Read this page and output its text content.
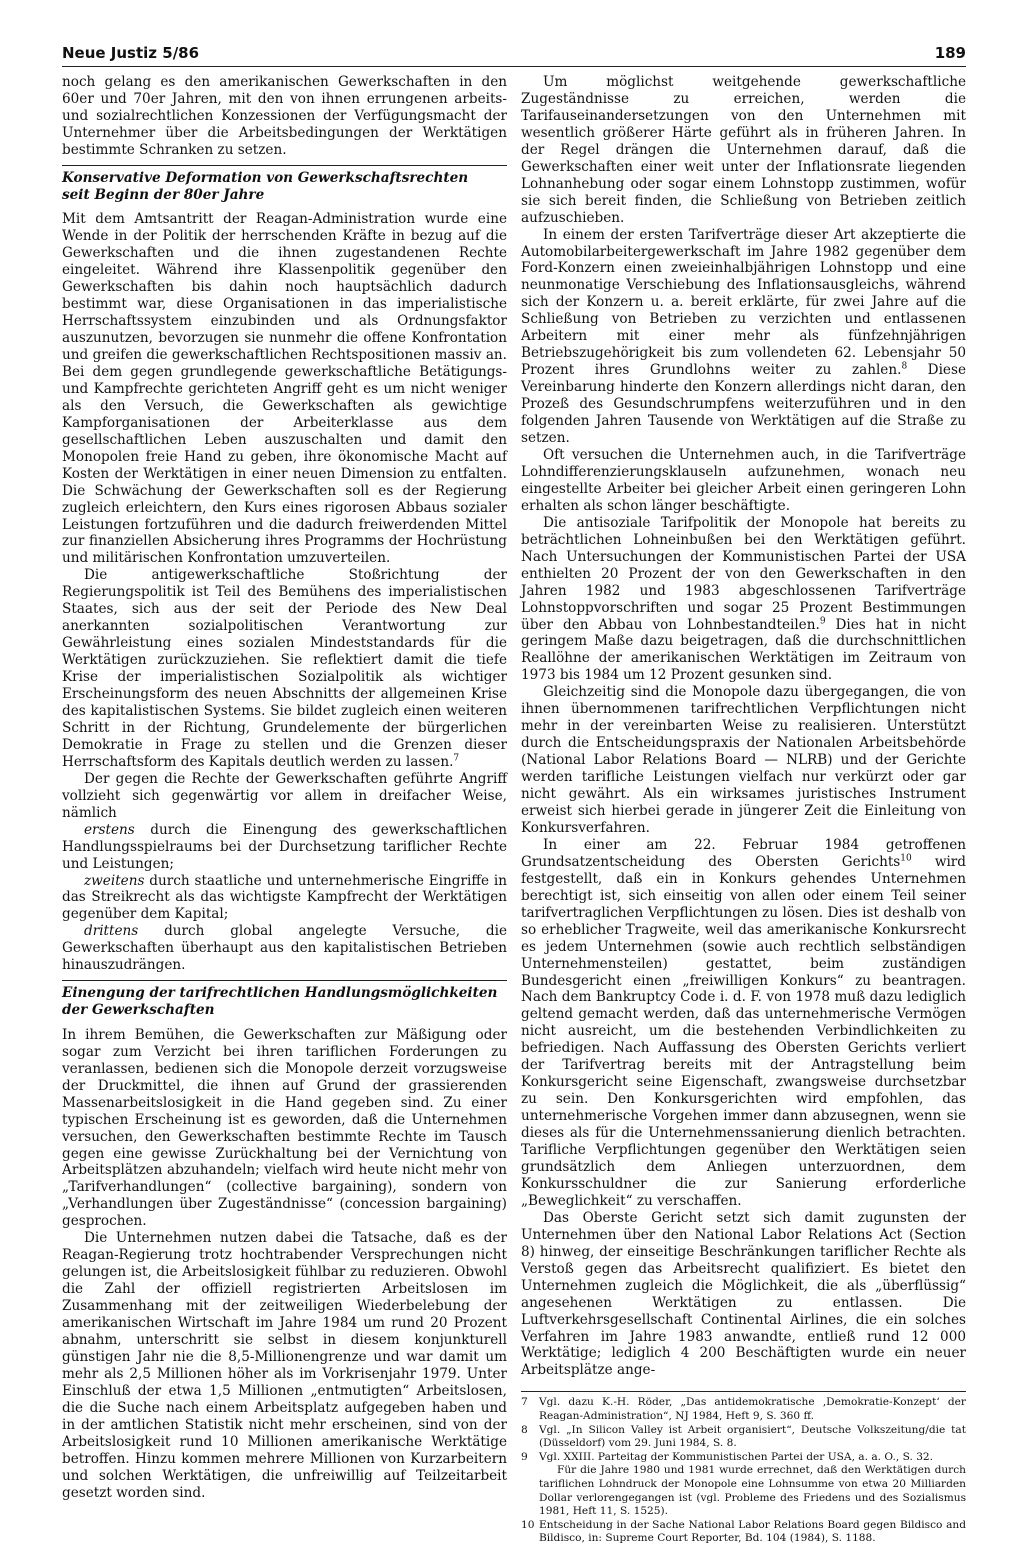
Neue Justiz 5/86	189

noch gelang es den amerikanischen Gewerkschaften in den 60er und 70er Jahren, mit den von ihnen errungenen arbeits- und sozialrechtlichen Konzessionen der Verfügungsmacht der Unternehmer über die Arbeitsbedingungen der Werktätigen bestimmte Schranken zu setzen.

Konservative Deformation von Gewerkschaftsrechten
seit Beginn der 80er Jahre

Mit dem Amtsantritt der Reagan-Administration wurde eine Wende in der Politik der herrschenden Kräfte in bezug auf die Gewerkschaften und die ihnen zugestandenen Rechte eingeleitet. Während ihre Klassenpolitik gegenüber den Gewerkschaften bis dahin noch hauptsächlich dadurch bestimmt war, diese Organisationen in das imperialistische Herrschaftssystem einzubinden und als Ordnungsfaktor auszunutzen, bevorzugen sie nunmehr die offene Konfrontation und greifen die gewerkschaftlichen Rechtspositionen massiv an. Bei dem gegen grundlegende gewerkschaftliche Betätigungs- und Kampfrechte gerichteten Angriff geht es um nicht weniger als den Versuch, die Gewerkschaften als gewichtige Kampforganisationen der Arbeiterklasse aus dem gesellschaftlichen Leben auszuschalten und damit den Monopolen freie Hand zu geben, ihre ökonomische Macht auf Kosten der Werktätigen in einer neuen Dimension zu entfalten. Die Schwächung der Gewerkschaften soll es der Regierung zugleich erleichtern, den Kurs eines rigorosen Abbaus sozialer Leistungen fortzuführen und die dadurch freiwerdenden Mittel zur finanziellen Absicherung ihres Programms der Hochrüstung und militärischen Konfrontation umzuverteilen.

Die antigewerkschaftliche Stoßrichtung der Regierungspolitik ist Teil des Bemühens des imperialistischen Staates, sich aus der seit der Periode des New Deal anerkannten sozialpolitischen Verantwortung zur Gewährleistung eines sozialen Mindeststandards für die Werktätigen zurückzuziehen. Sie reflektiert damit die tiefe Krise der imperialistischen Sozialpolitik als wichtiger Erscheinungsform des neuen Abschnitts der allgemeinen Krise des kapitalistischen Systems. Sie bildet zugleich einen weiteren Schritt in der Richtung, Grundelemente der bürgerlichen Demokratie in Frage zu stellen und die Grenzen dieser Herrschaftsform des Kapitals deutlich werden zu lassen.$^7$

Der gegen die Rechte der Gewerkschaften geführte Angriff vollzieht sich gegenwärtig vor allem in dreifacher Weise, nämlich

erstens durch die Einengung des gewerkschaftlichen Handlungsspielraums bei der Durchsetzung tariflicher Rechte und Leistungen;

zweitens durch staatliche und unternehmerische Eingriffe in das Streikrecht als das wichtigste Kampfrecht der Werktätigen gegenüber dem Kapital;

drittens durch global angelegte Versuche, die Gewerkschaften überhaupt aus den kapitalistischen Betrieben hinauszudrängen.

Einengung der tarifrechtlichen Handlungsmöglichkeiten
der Gewerkschaften

In ihrem Bemühen, die Gewerkschaften zur Mäßigung oder sogar zum Verzicht bei ihren tariflichen Forderungen zu veranlassen, bedienen sich die Monopole derzeit vorzugsweise der Druckmittel, die ihnen auf Grund der grassierenden Massenarbeitslosigkeit in die Hand gegeben sind. Zu einer typischen Erscheinung ist es geworden, daß die Unternehmen versuchen, den Gewerkschaften bestimmte Rechte im Tausch gegen eine gewisse Zurückhaltung bei der Vernichtung von Arbeitsplätzen abzuhandeln; vielfach wird heute nicht mehr von „Tarifverhandlungen“ (collective bargaining), sondern von „Verhandlungen über Zugeständnisse“ (concession bargaining) gesprochen.

Die Unternehmen nutzen dabei die Tatsache, daß es der Reagan-Regierung trotz hochtrabender Versprechungen nicht gelungen ist, die Arbeitslosigkeit fühlbar zu reduzieren. Obwohl die Zahl der offiziell registrierten Arbeitslosen im Zusammenhang mit der zeitweiligen Wiederbelebung der amerikanischen Wirtschaft im Jahre 1984 um rund 20 Prozent abnahm, unterschritt sie selbst in diesem konjunkturell günstigen Jahr nie die 8,5-Millionengrenze und war damit um mehr als 2,5 Millionen höher als im Vorkrisenjahr 1979. Unter Einschluß der etwa 1,5 Millionen „entmutigten“ Arbeitslosen, die die Suche nach einem Arbeitsplatz aufgegeben haben und in der amtlichen Statistik nicht mehr erscheinen, sind von der Arbeitslosigkeit rund 10 Millionen amerikanische Werktätige betroffen. Hinzu kommen mehrere Millionen von Kurzarbeitern und solchen Werktätigen, die unfreiwillig auf Teilzeitarbeit gesetzt worden sind.

Um möglichst weitgehende gewerkschaftliche Zugeständnisse zu erreichen, werden die Tarifauseinandersetzungen von den Unternehmen mit wesentlich größerer Härte geführt als in früheren Jahren. In der Regel drängen die Unternehmen darauf, daß die Gewerkschaften einer weit unter der Inflationsrate liegenden Lohnanhebung oder sogar einem Lohnstopp zustimmen, wofür sie sich bereit finden, die Schließung von Betrieben zeitlich aufzuschieben.

In einem der ersten Tarifverträge dieser Art akzeptierte die Automobilarbeitergewerkschaft im Jahre 1982 gegenüber dem Ford-Konzern einen zweieinhalbjährigen Lohnstopp und eine neunmonatige Verschiebung des Inflationsausgleichs, während sich der Konzern u. a. bereit erklärte, für zwei Jahre auf die Schließung von Betrieben zu verzichten und entlassenen Arbeitern mit einer mehr als fünfzehnjährigen Betriebszugehörigkeit bis zum vollendeten 62. Lebensjahr 50 Prozent ihres Grundlohns weiter zu zahlen.$^8$ Diese Vereinbarung hinderte den Konzern allerdings nicht daran, den Prozeß des Gesundschrumpfens weiterzuführen und in den folgenden Jahren Tausende von Werktätigen auf die Straße zu setzen.

Oft versuchen die Unternehmen auch, in die Tarifverträge Lohndifferenzierungsklauseln aufzunehmen, wonach neu eingestellte Arbeiter bei gleicher Arbeit einen geringeren Lohn erhalten als schon länger beschäftigte.

Die antisoziale Tarifpolitik der Monopole hat bereits zu beträchtlichen Lohneinbußen bei den Werktätigen geführt. Nach Untersuchungen der Kommunistischen Partei der USA enthielten 20 Prozent der von den Gewerkschaften in den Jahren 1982 und 1983 abgeschlossenen Tarifverträge Lohnstoppvorschriften und sogar 25 Prozent Bestimmungen über den Abbau von Lohnbestandteilen.$^9$ Dies hat in nicht geringem Maße dazu beigetragen, daß die durchschnittlichen Reallöhne der amerikanischen Werktätigen im Zeitraum von 1973 bis 1984 um 12 Prozent gesunken sind.

Gleichzeitig sind die Monopole dazu übergegangen, die von ihnen übernommenen tarifrechtlichen Verpflichtungen nicht mehr in der vereinbarten Weise zu realisieren. Unterstützt durch die Entscheidungspraxis der Nationalen Arbeitsbehörde (National Labor Relations Board — NLRB) und der Gerichte werden tarifliche Leistungen vielfach nur verkürzt oder gar nicht gewährt. Als ein wirksames juristisches Instrument erweist sich hierbei gerade in jüngerer Zeit die Einleitung von Konkursverfahren.

In einer am 22. Februar 1984 getroffenen Grundsatzentscheidung des Obersten Gerichts$^{10}$ wird festgestellt, daß ein in Konkurs gehendes Unternehmen berechtigt ist, sich einseitig von allen oder einem Teil seiner tarifvertraglichen Verpflichtungen zu lösen. Dies ist deshalb von so erheblicher Tragweite, weil das amerikanische Konkursrecht es jedem Unternehmen (sowie auch rechtlich selbständigen Unternehmensteilen) gestattet, beim zuständigen Bundesgericht einen „freiwilligen Konkurs“ zu beantragen. Nach dem Bankruptcy Code i. d. F. von 1978 muß dazu lediglich geltend gemacht werden, daß das unternehmerische Vermögen nicht ausreicht, um die bestehenden Verbindlichkeiten zu befriedigen. Nach Auffassung des Obersten Gerichts verliert der Tarifvertrag bereits mit der Antragstellung beim Konkursgericht seine Eigenschaft, zwangsweise durchsetzbar zu sein. Den Konkursgerichten wird empfohlen, das unternehmerische Vorgehen immer dann abzusegnen, wenn sie dieses als für die Unternehmenssanierung dienlich betrachten. Tarifliche Verpflichtungen gegenüber den Werktätigen seien grundsätzlich dem Anliegen unterzuordnen, dem Konkursschuldner die zur Sanierung erforderliche „Beweglichkeit“ zu verschaffen.

Das Oberste Gericht setzt sich damit zugunsten der Unternehmen über den National Labor Relations Act (Section 8) hinweg, der einseitige Beschränkungen tariflicher Rechte als Verstoß gegen das Arbeitsrecht qualifiziert. Es bietet den Unternehmen zugleich die Möglichkeit, die als „überflüssig“ angesehenen Werktätigen zu entlassen. Die Luftverkehrsgesellschaft Continental Airlines, die ein solches Verfahren im Jahre 1983 anwandte, entließ rund 12 000 Werktätige; lediglich 4 200 Beschäftigten wurde ein neuer Arbeitsplätze ange-

7	Vgl. dazu K.-H. Röder, „Das antidemokratische ‚Demokratie-Konzept‘ der Reagan-Administration“, NJ 1984, Heft 9, S. 360 ff.
8	Vgl. „In Silicon Valley ist Arbeit organisiert“, Deutsche Volkszeitung/die tat (Düsseldorf) vom 29. Juni 1984, S. 8.
9	Vgl. XXIII. Parteitag der Kommunistischen Partei der USA, a. a. O., S. 32.
Für die Jahre 1980 und 1981 wurde errechnet, daß den Werktätigen durch tariflichen Lohndruck der Monopole eine Lohnsumme von etwa 20 Milliarden Dollar verlorengegangen ist (vgl. Probleme des Friedens und des Sozialismus 1981, Heft 11, S. 1525).
10 Entscheidung in der Sache National Labor Relations Board gegen Bildisco and Bildisco, in: Supreme Court Reporter, Bd. 104 (1984), S. 1188.
